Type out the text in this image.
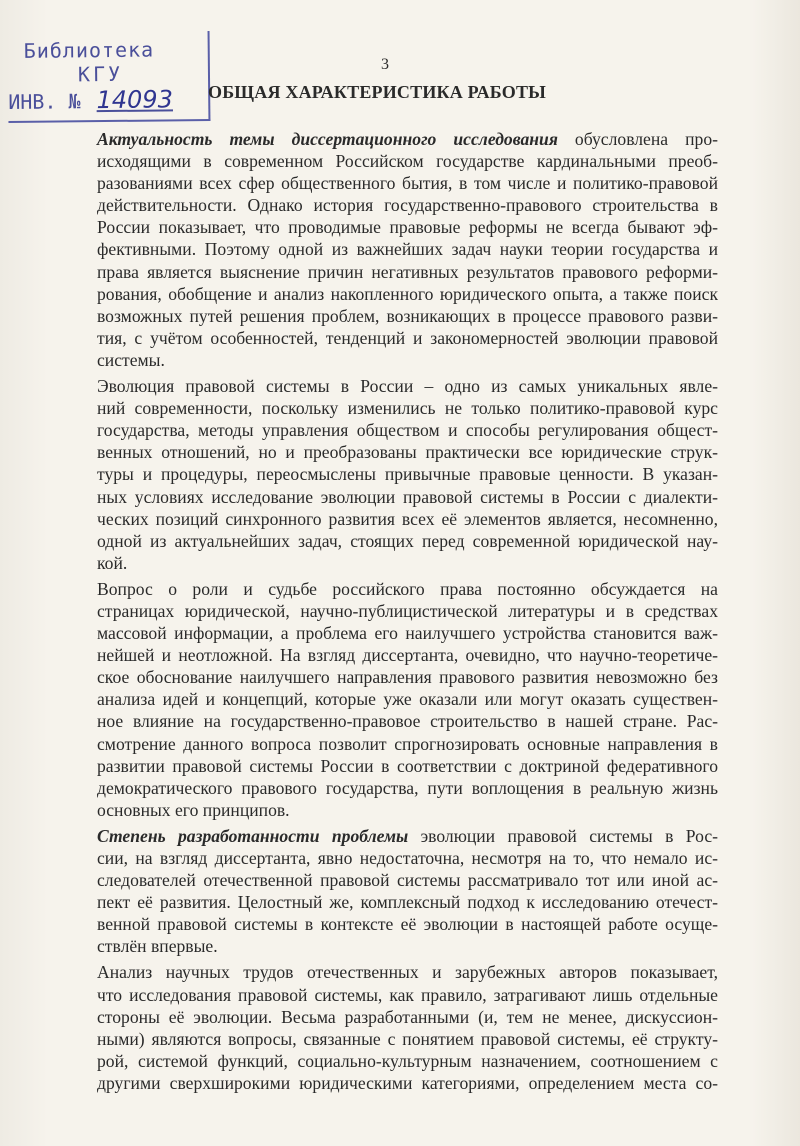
Библиотека
КГУ
ИНВ. № 14093
3
ОБЩАЯ ХАРАКТЕРИСТИКА РАБОТЫ
Актуальность темы диссертационного исследования обусловлена про-
исходящими в современном Российском государстве кардинальными преоб-
разованиями всех сфер общественного бытия, в том числе и политико-правовой
действительности. Однако история государственно-правового строительства в
России показывает, что проводимые правовые реформы не всегда бывают эф-
фективными. Поэтому одной из важнейших задач науки теории государства и
права является выяснение причин негативных результатов правового реформи-
рования, обобщение и анализ накопленного юридического опыта, а также поиск
возможных путей решения проблем, возникающих в процессе правового разви-
тия, с учётом особенностей, тенденций и закономерностей эволюции правовой
системы.
Эволюция правовой системы в России – одно из самых уникальных явле-
ний современности, поскольку изменились не только политико-правовой курс
государства, методы управления обществом и способы регулирования общест-
венных отношений, но и преобразованы практически все юридические струк-
туры и процедуры, переосмыслены привычные правовые ценности. В указан-
ных условиях исследование эволюции правовой системы в России с диалекти-
ческих позиций синхронного развития всех её элементов является, несомненно,
одной из актуальнейших задач, стоящих перед современной юридической нау-
кой.
Вопрос о роли и судьбе российского права постоянно обсуждается на
страницах юридической, научно-публицистической литературы и в средствах
массовой информации, а проблема его наилучшего устройства становится важ-
нейшей и неотложной. На взгляд диссертанта, очевидно, что научно-теоретиче-
ское обоснование наилучшего направления правового развития невозможно без
анализа идей и концепций, которые уже оказали или могут оказать существен-
ное влияние на государственно-правовое строительство в нашей стране. Рас-
смотрение данного вопроса позволит спрогнозировать основные направления в
развитии правовой системы России в соответствии с доктриной федеративного
демократического правового государства, пути воплощения в реальную жизнь
основных его принципов.
Степень разработанности проблемы эволюции правовой системы в Рос-
сии, на взгляд диссертанта, явно недостаточна, несмотря на то, что немало ис-
следователей отечественной правовой системы рассматривало тот или иной ас-
пект её развития. Целостный же, комплексный подход к исследованию отечест-
венной правовой системы в контексте её эволюции в настоящей работе осуще-
ствлён впервые.
Анализ научных трудов отечественных и зарубежных авторов показывает,
что исследования правовой системы, как правило, затрагивают лишь отдельные
стороны её эволюции. Весьма разработанными (и, тем не менее, дискуссион-
ными) являются вопросы, связанные с понятием правовой системы, её структу-
рой, системой функций, социально-культурным назначением, соотношением с
другими сверхширокими юридическими категориями, определением места со-
